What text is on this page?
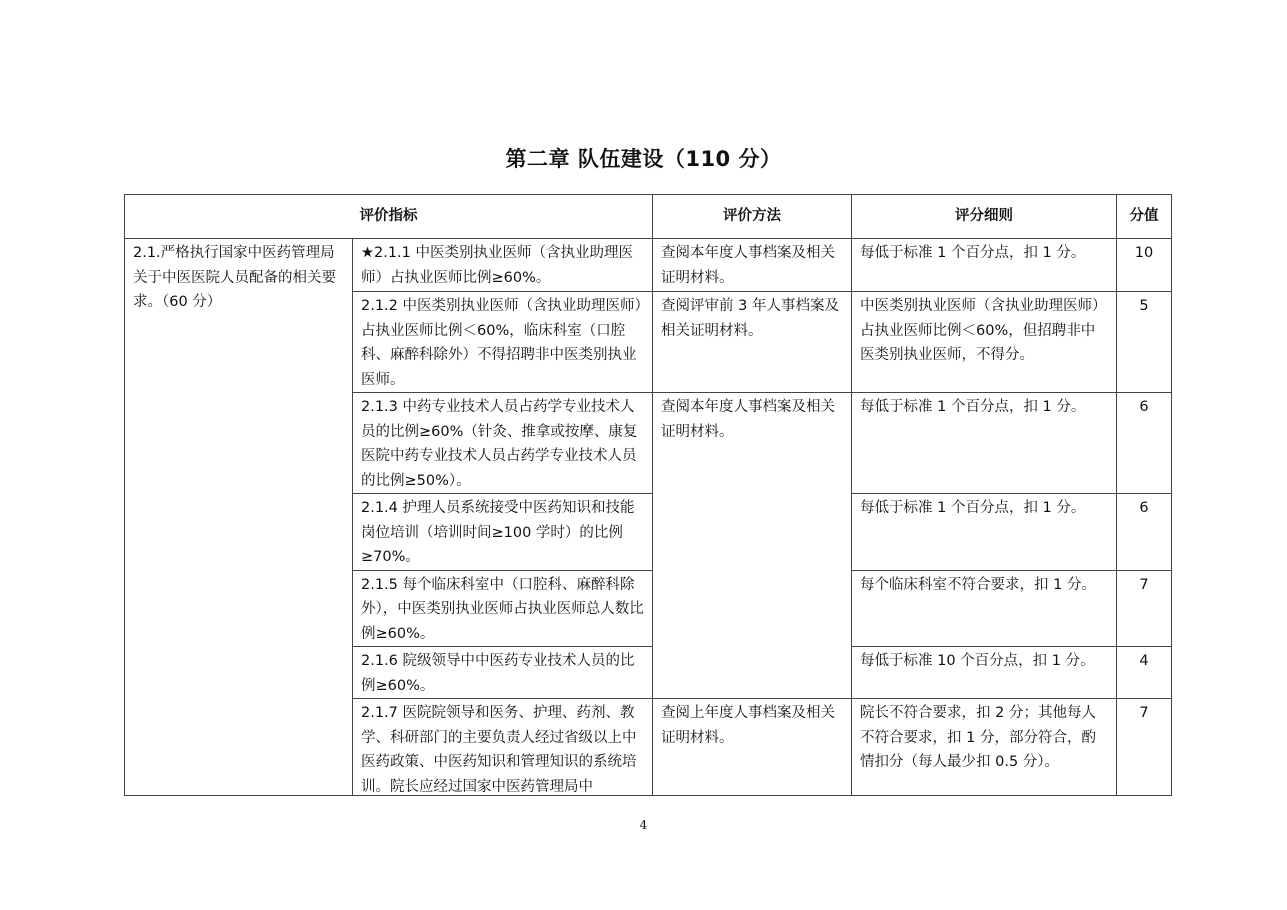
第二章 队伍建设（110 分）
评价指标		评价方法	评分细则	分值
2.1.严格执行国家中医药管理局关于中医医院人员配备的相关要求。（60 分）	★2.1.1 中医类别执业医师（含执业助理医师）占执业医师比例≥60%。	查阅本年度人事档案及相关证明材料。	每低于标准 1 个百分点，扣 1 分。	10
	2.1.2 中医类别执业医师（含执业助理医师）占执业医师比例＜60%，临床科室（口腔科、麻醉科除外）不得招聘非中医类别执业医师。	查阅评审前 3 年人事档案及相关证明材料。	中医类别执业医师（含执业助理医师）占执业医师比例＜60%，但招聘非中医类别执业医师，不得分。	5
	2.1.3 中药专业技术人员占药学专业技术人员的比例≥60%（针灸、推拿或按摩、康复医院中药专业技术人员占药学专业技术人员的比例≥50%）。	查阅本年度人事档案及相关证明材料。	每低于标准 1 个百分点，扣 1 分。	6
	2.1.4 护理人员系统接受中医药知识和技能岗位培训（培训时间≥100 学时）的比例≥70%。		每低于标准 1 个百分点，扣 1 分。	6
	2.1.5 每个临床科室中（口腔科、麻醉科除外），中医类别执业医师占执业医师总人数比例≥60%。		每个临床科室不符合要求，扣 1 分。	7
	2.1.6 院级领导中中医药专业技术人员的比例≥60%。		每低于标准 10 个百分点，扣 1 分。	4

	2.1.7 医院院领导和医务、护理、药剂、教学、科研部门的主要负责人经过省级以上中医药政策、中医药知识和管理知识的系统培训。院长应经过国家中医药管理局中	查阅上年度人事档案及相关证明材料。	院长不符合要求，扣 2 分；其他每人不符合要求，扣 1 分，部分符合，酌情扣分（每人最少扣 0.5 分）。	7
4
